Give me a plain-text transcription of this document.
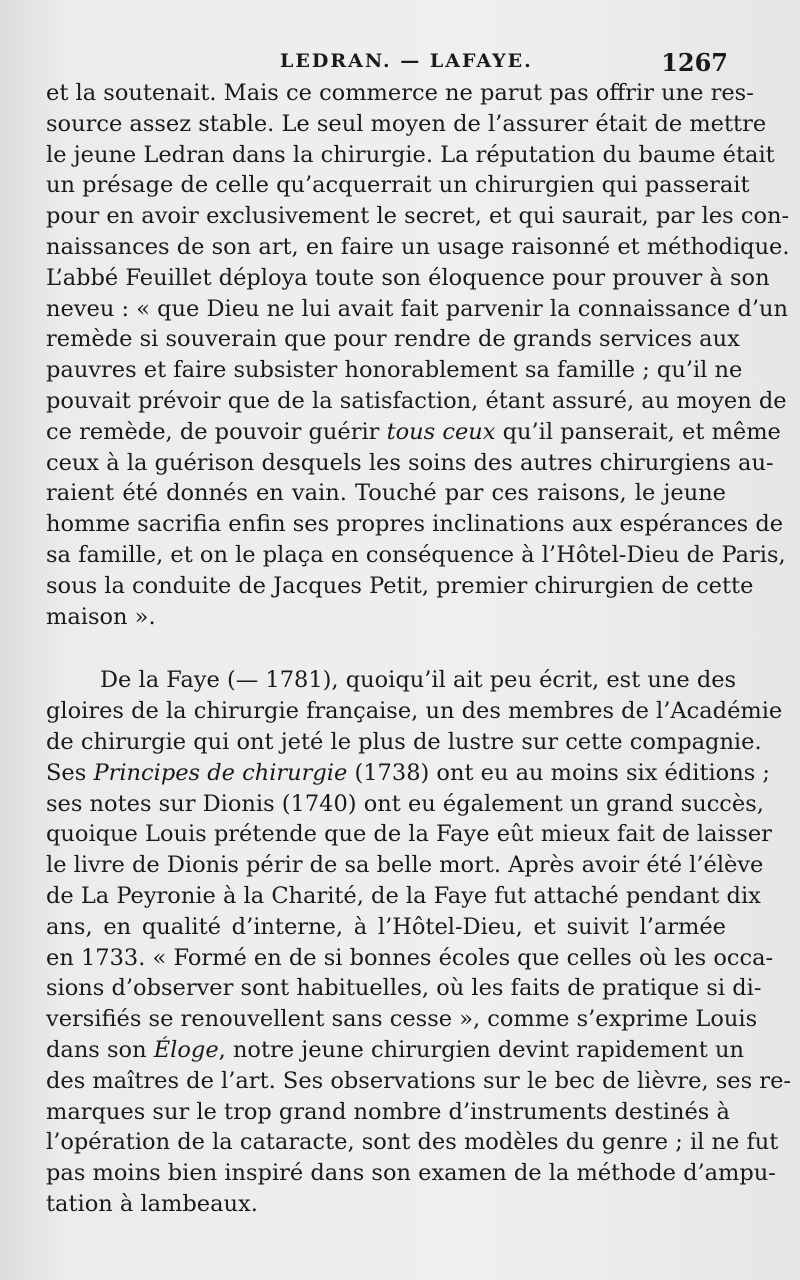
LEDRAN. — LAFAYE.	1267
et la soutenait. Mais ce commerce ne parut pas offrir une res-
source assez stable. Le seul moyen de l’assurer était de mettre
le jeune Ledran dans la chirurgie. La réputation du baume était
un présage de celle qu’acquerrait un chirurgien qui passerait
pour en avoir exclusivement le secret, et qui saurait, par les con-
naissances de son art, en faire un usage raisonné et méthodique.
L’abbé Feuillet déploya toute son éloquence pour prouver à son
neveu : « que Dieu ne lui avait fait parvenir la connaissance d’un
remède si souverain que pour rendre de grands services aux
pauvres et faire subsister honorablement sa famille ; qu’il ne
pouvait prévoir que de la satisfaction, étant assuré, au moyen de
ce remède, de pouvoir guérir tous ceux qu’il panserait, et même
ceux à la guérison desquels les soins des autres chirurgiens au-
raient été donnés en vain. Touché par ces raisons, le jeune
homme sacrifia enfin ses propres inclinations aux espérances de
sa famille, et on le plaça en conséquence à l’Hôtel-Dieu de Paris,
sous la conduite de Jacques Petit, premier chirurgien de cette
maison ».
De la Faye (— 1781), quoiqu’il ait peu écrit, est une des
gloires de la chirurgie française, un des membres de l’Académie
de chirurgie qui ont jeté le plus de lustre sur cette compagnie.
Ses Principes de chirurgie (1738) ont eu au moins six éditions ;
ses notes sur Dionis (1740) ont eu également un grand succès,
quoique Louis prétende que de la Faye eût mieux fait de laisser
le livre de Dionis périr de sa belle mort. Après avoir été l’élève
de La Peyronie à la Charité, de la Faye fut attaché pendant dix
ans, en qualité d’interne, à l’Hôtel-Dieu, et suivit l’armée
en 1733. « Formé en de si bonnes écoles que celles où les occa-
sions d’observer sont habituelles, où les faits de pratique si di-
versifiés se renouvellent sans cesse », comme s’exprime Louis
dans son Éloge, notre jeune chirurgien devint rapidement un
des maîtres de l’art. Ses observations sur le bec de lièvre, ses re-
marques sur le trop grand nombre d’instruments destinés à
l’opération de la cataracte, sont des modèles du genre ; il ne fut
pas moins bien inspiré dans son examen de la méthode d’ampu-
tation à lambeaux.
